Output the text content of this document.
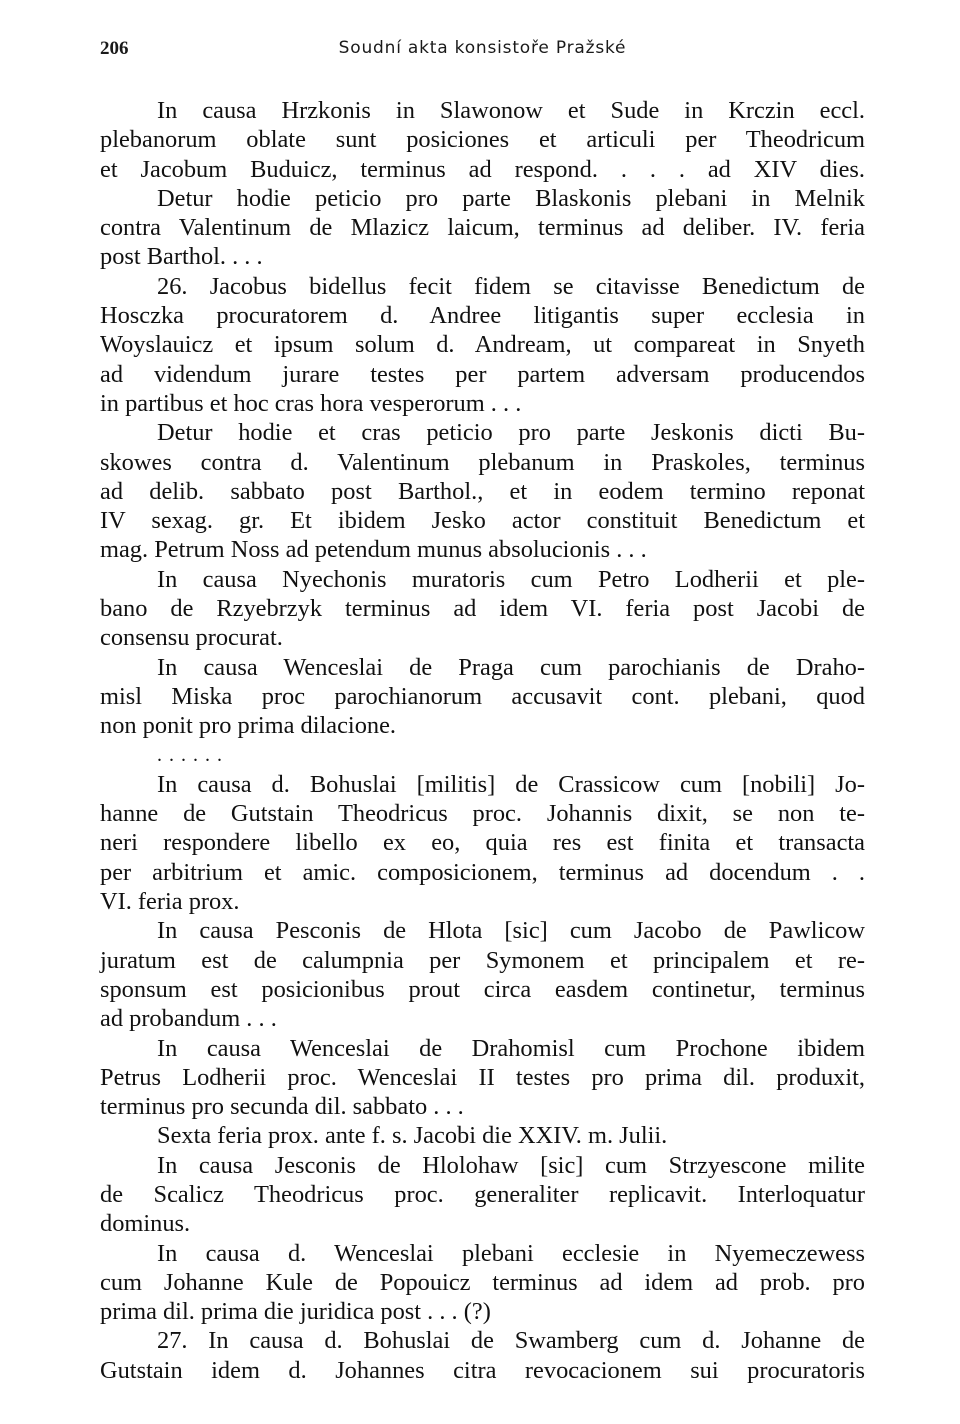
206	Soudní akta konsistoře Pražské
In causa Hrzkonis in Slawonow et Sude in Krczin eccl.
plebanorum oblate sunt posiciones et articuli per Theodricum
et Jacobum Buduicz, terminus ad respond. . . . ad XIV dies.
Detur hodie peticio pro parte Blaskonis plebani in Melnik
contra Valentinum de Mlazicz laicum, terminus ad deliber. IV. feria
post Barthol. . . .
26. Jacobus bidellus fecit fidem se citavisse Benedictum de
Hosczka procuratorem d. Andree litigantis super ecclesia in
Woyslauicz et ipsum solum d. Andream, ut compareat in Snyeth
ad videndum jurare testes per partem adversam producendos
in partibus et hoc cras hora vesperorum . . .
Detur hodie et cras peticio pro parte Jeskonis dicti Bu-
skowes contra d. Valentinum plebanum in Praskoles, terminus
ad delib. sabbato post Barthol., et in eodem termino reponat
IV sexag. gr. Et ibidem Jesko actor constituit Benedictum et
mag. Petrum Noss ad petendum munus absolucionis . . .
In causa Nyechonis muratoris cum Petro Lodherii et ple-
bano de Rzyebrzyk terminus ad idem VI. feria post Jacobi de
consensu procurat.
In causa Wenceslai de Praga cum parochianis de Draho-
misl Miska proc parochianorum accusavit cont. plebani, quod
non ponit pro prima dilacione.
......
In causa d. Bohuslai [militis] de Crassicow cum [nobili] Jo-
hanne de Gutstain Theodricus proc. Johannis dixit, se non te-
neri respondere libello ex eo, quia res est finita et transacta
per arbitrium et amic. composicionem, terminus ad docendum . .
VI. feria prox.
In causa Pesconis de Hlota [sic] cum Jacobo de Pawlicow
juratum est de calumpnia per Symonem et principalem et re-
sponsum est posicionibus prout circa easdem continetur, terminus
ad probandum . . .
In causa Wenceslai de Drahomisl cum Prochone ibidem
Petrus Lodherii proc. Wenceslai II testes pro prima dil. produxit,
terminus pro secunda dil. sabbato . . .
Sexta feria prox. ante f. s. Jacobi die XXIV. m. Julii.
In causa Jesconis de Hlolohaw [sic] cum Strzyescone milite
de Scalicz Theodricus proc. generaliter replicavit. Interloquatur
dominus.
In causa d. Wenceslai plebani ecclesie in Nyemeczewess
cum Johanne Kule de Popouicz terminus ad idem ad prob. pro
prima dil. prima die juridica post . . . (?)
27. In causa d. Bohuslai de Swamberg cum d. Johanne de
Gutstain idem d. Johannes citra revocacionem sui procuratoris
